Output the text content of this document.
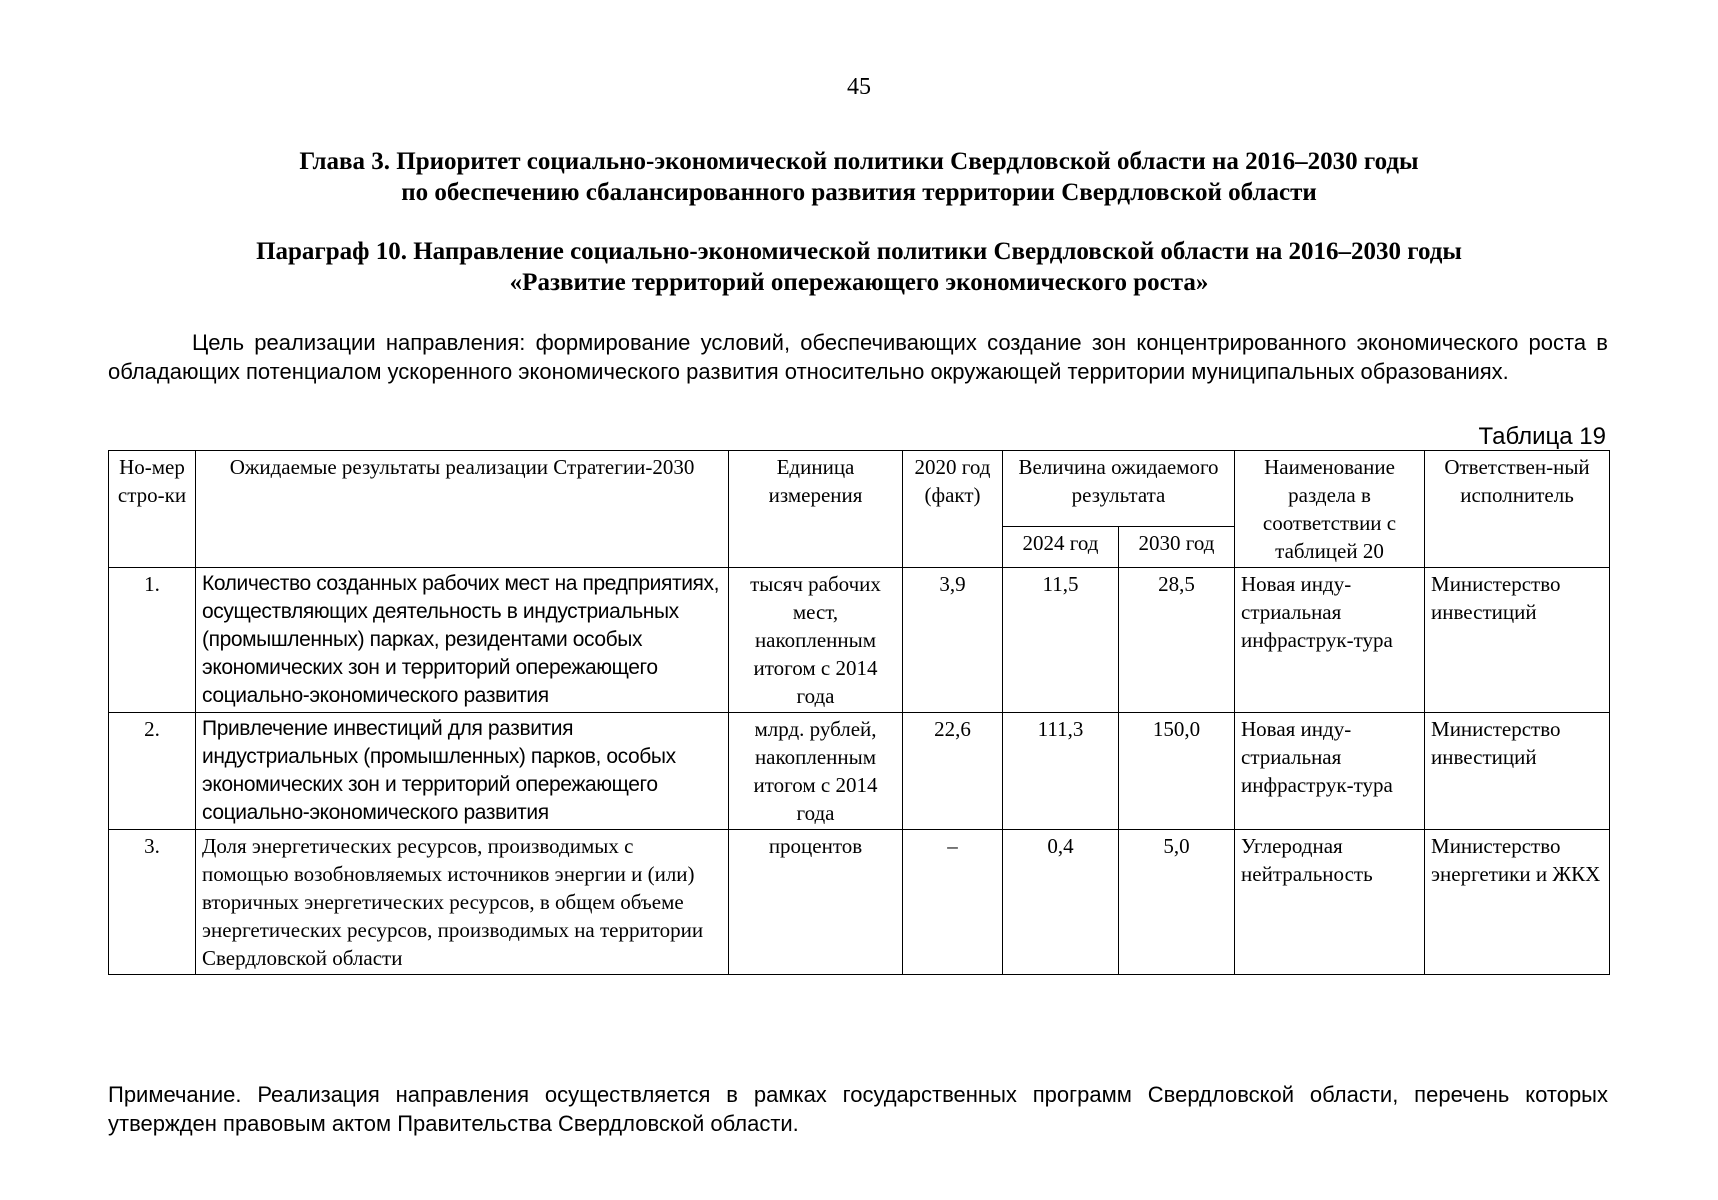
45
Глава 3. Приоритет социально-экономической политики Свердловской области на 2016–2030 годы
по обеспечению сбалансированного развития территории Свердловской области
Параграф 10. Направление социально-экономической политики Свердловской области на 2016–2030 годы
«Развитие территорий опережающего экономического роста»
Цель реализации направления: формирование условий, обеспечивающих создание зон концентрированного экономического роста в обладающих потенциалом ускоренного экономического развития относительно окружающей территории муниципальных образованиях.
Таблица 19
Но-мер стро-ки	Ожидаемые результаты реализации Стратегии-2030	Единица измерения	2020 год (факт)	Величина ожидаемого результата		Наименование раздела в соответствии с таблицей 20	Ответствен-ный исполнитель
				2024 год	2030 год		
1.	Количество созданных рабочих мест на предприятиях, осуществляющих деятельность в индустриальных (промышленных) парках, резидентами особых экономических зон и территорий опережающего социально-экономического развития	тысяч рабочих мест, накопленным итогом с 2014 года	3,9	11,5	28,5	Новая инду-стриальная инфраструк-тура	Министерство инвестиций
2.	Привлечение инвестиций для развития индустриальных (промышленных) парков, особых экономических зон и территорий опережающего социально-экономического развития	млрд. рублей, накопленным итогом с 2014 года	22,6	111,3	150,0	Новая инду-стриальная инфраструк-тура	Министерство инвестиций
3.	Доля энергетических ресурсов, производимых с помощью возобновляемых источников энергии и (или) вторичных энергетических ресурсов, в общем объеме энергетических ресурсов, производимых на территории Свердловской области	процентов	–	0,4	5,0	Углеродная нейтральность	Министерство энергетики и ЖКХ
Примечание. Реализация направления осуществляется в рамках государственных программ Свердловской области, перечень которых утвержден правовым актом Правительства Свердловской области.
